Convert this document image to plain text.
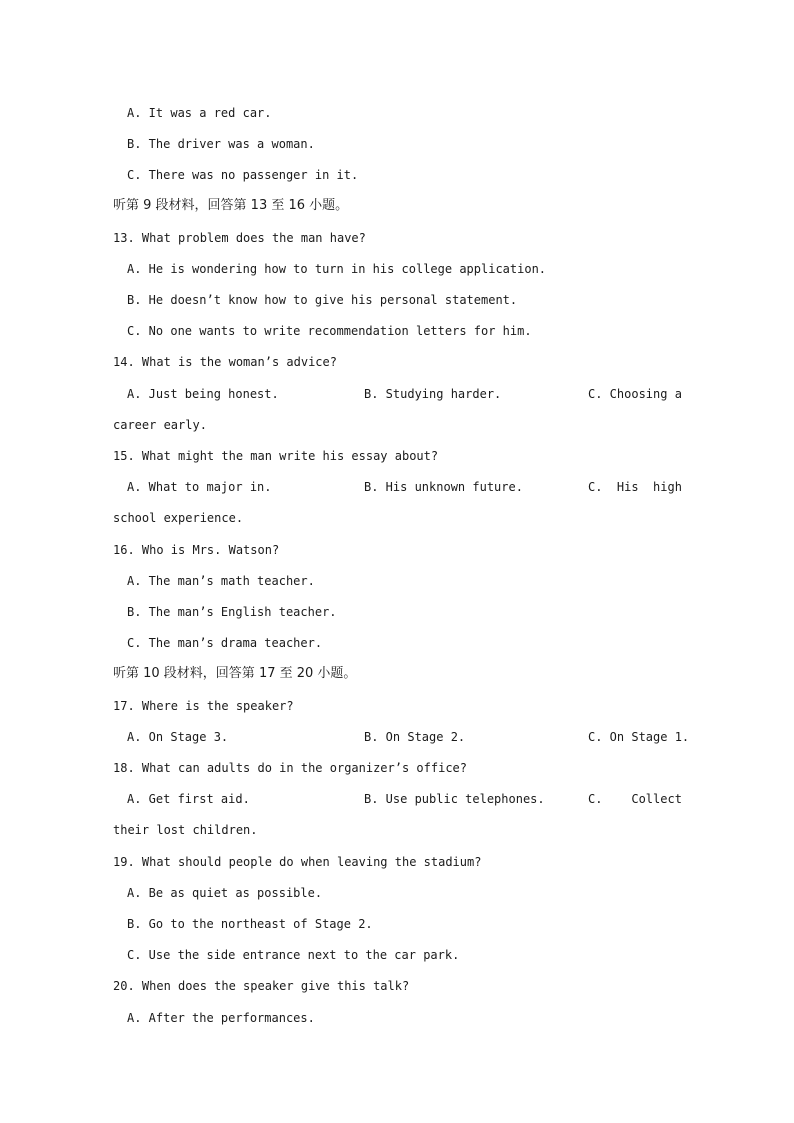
A. It was a red car.
B. The driver was a woman.
C. There was no passenger in it.
听第 9 段材料，回答第 13 至 16 小题。
13. What problem does the man have?
A. He is wondering how to turn in his college application.
B. He doesn’t know how to give his personal statement.
C. No one wants to write recommendation letters for him.
14. What is the woman’s advice?
A. Just being honest.	B. Studying harder.	C. Choosing a
career early.
15. What might the man write his essay about?
A. What to major in.	B. His unknown future.	C.  His  high
school experience.
16. Who is Mrs. Watson?
A. The man’s math teacher.
B. The man’s English teacher.
C. The man’s drama teacher.
听第 10 段材料，回答第 17 至 20 小题。
17. Where is the speaker?
A. On Stage 3.	B. On Stage 2.	C. On Stage 1.
18. What can adults do in the organizer’s office?
A. Get first aid.	B. Use public telephones.	C.    Collect
their lost children.
19. What should people do when leaving the stadium?
A. Be as quiet as possible.
B. Go to the northeast of Stage 2.
C. Use the side entrance next to the car park.
20. When does the speaker give this talk?
A. After the performances.
